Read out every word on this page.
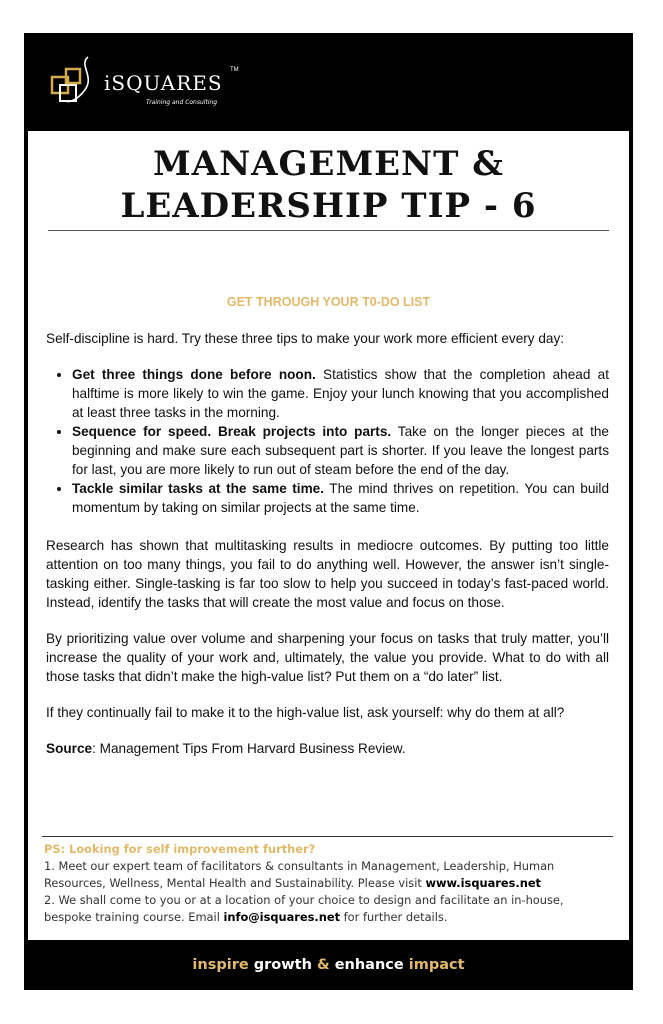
iSQUARES
TM
Training and Consulting
MANAGEMENT &
LEADERSHIP TIP - 6
GET THROUGH YOUR T0-DO LIST

Self-discipline is hard. Try these three tips to make your work more efficient every day:

• Get three things done before noon. Statistics show that the completion ahead at halftime is more likely to win the game. Enjoy your lunch knowing that you accomplished at least three tasks in the morning.
• Sequence for speed. Break projects into parts. Take on the longer pieces at the beginning and make sure each subsequent part is shorter. If you leave the longest parts for last, you are more likely to run out of steam before the end of the day.
• Tackle similar tasks at the same time. The mind thrives on repetition. You can build momentum by taking on similar projects at the same time.

Research has shown that multitasking results in mediocre outcomes. By putting too little attention on too many things, you fail to do anything well. However, the answer isn’t single-tasking either. Single-tasking is far too slow to help you succeed in today’s fast-paced world. Instead, identify the tasks that will create the most value and focus on those.

By prioritizing value over volume and sharpening your focus on tasks that truly matter, you’ll increase the quality of your work and, ultimately, the value you provide. What to do with all those tasks that didn’t make the high-value list? Put them on a “do later” list.

If they continually fail to make it to the high-value list, ask yourself: why do them at all?

Source: Management Tips From Harvard Business Review.

PS: Looking for self improvement further?
1. Meet our expert team of facilitators & consultants in Management, Leadership, Human Resources, Wellness, Mental Health and Sustainability. Please visit www.isquares.net
2. We shall come to you or at a location of your choice to design and facilitate an in-house, bespoke training course. Email info@isquares.net for further details.
inspire growth & enhance impact
